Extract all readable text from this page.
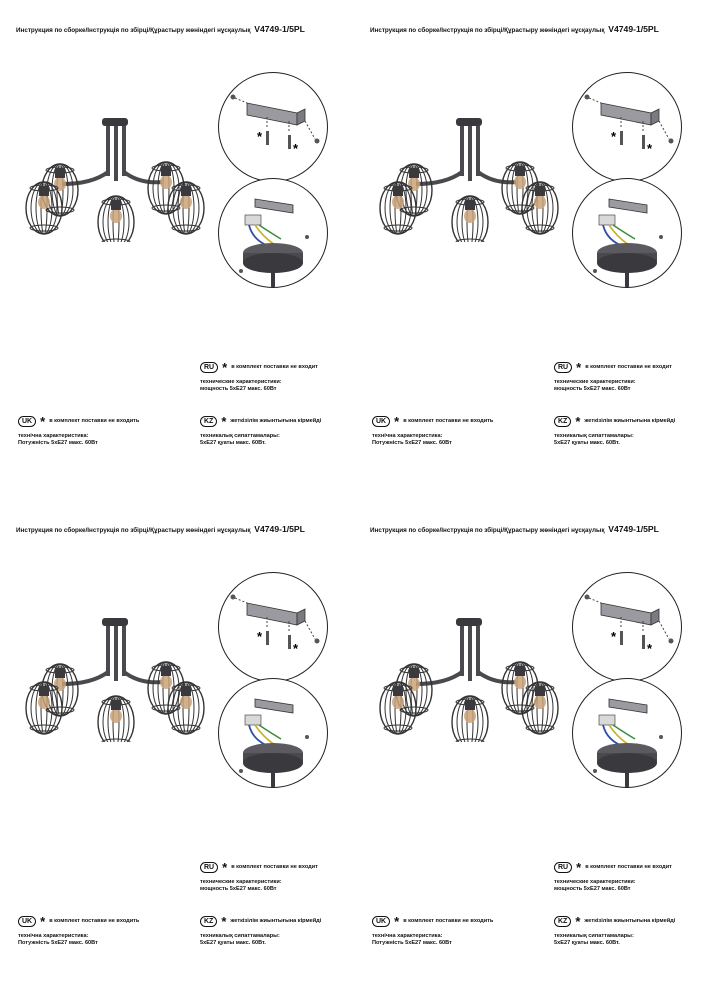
Инструкция по сборке/Інструкція по збірці/Құрастыру жөніндегі нұсқаулық V4749-1/5PL
*
*
RU * в комплект поставки не входит
технические характеристики:
мощность 5хE27 макс. 60Вт
KZ * жеткізілім жиынтығына кірмейді
техникалық сипаттамалары:
5хE27 қуаты макс. 60Вт.
UK * в комплект поставки не входить
технічна характеристика:
Потужність 5хE27 макс. 60Вт
Инструкция по сборке/Інструкція по збірці/Құрастыру жөніндегі нұсқаулық V4749-1/5PL
*
*
RU * в комплект поставки не входит
технические характеристики:
мощность 5хE27 макс. 60Вт
KZ * жеткізілім жиынтығына кірмейді
техникалық сипаттамалары:
5хE27 қуаты макс. 60Вт.
UK * в комплект поставки не входить
технічна характеристика:
Потужність 5хE27 макс. 60Вт
Инструкция по сборке/Інструкція по збірці/Құрастыру жөніндегі нұсқаулық V4749-1/5PL
*
*
RU * в комплект поставки не входит
технические характеристики:
мощность 5хE27 макс. 60Вт
KZ * жеткізілім жиынтығына кірмейді
техникалық сипаттамалары:
5хE27 қуаты макс. 60Вт.
UK * в комплект поставки не входить
технічна характеристика:
Потужність 5хE27 макс. 60Вт
Инструкция по сборке/Інструкція по збірці/Құрастыру жөніндегі нұсқаулық V4749-1/5PL
*
*
RU * в комплект поставки не входит
технические характеристики:
мощность 5хE27 макс. 60Вт
KZ * жеткізілім жиынтығына кірмейді
техникалық сипаттамалары:
5хE27 қуаты макс. 60Вт.
UK * в комплект поставки не входить
технічна характеристика:
Потужність 5хE27 макс. 60Вт
